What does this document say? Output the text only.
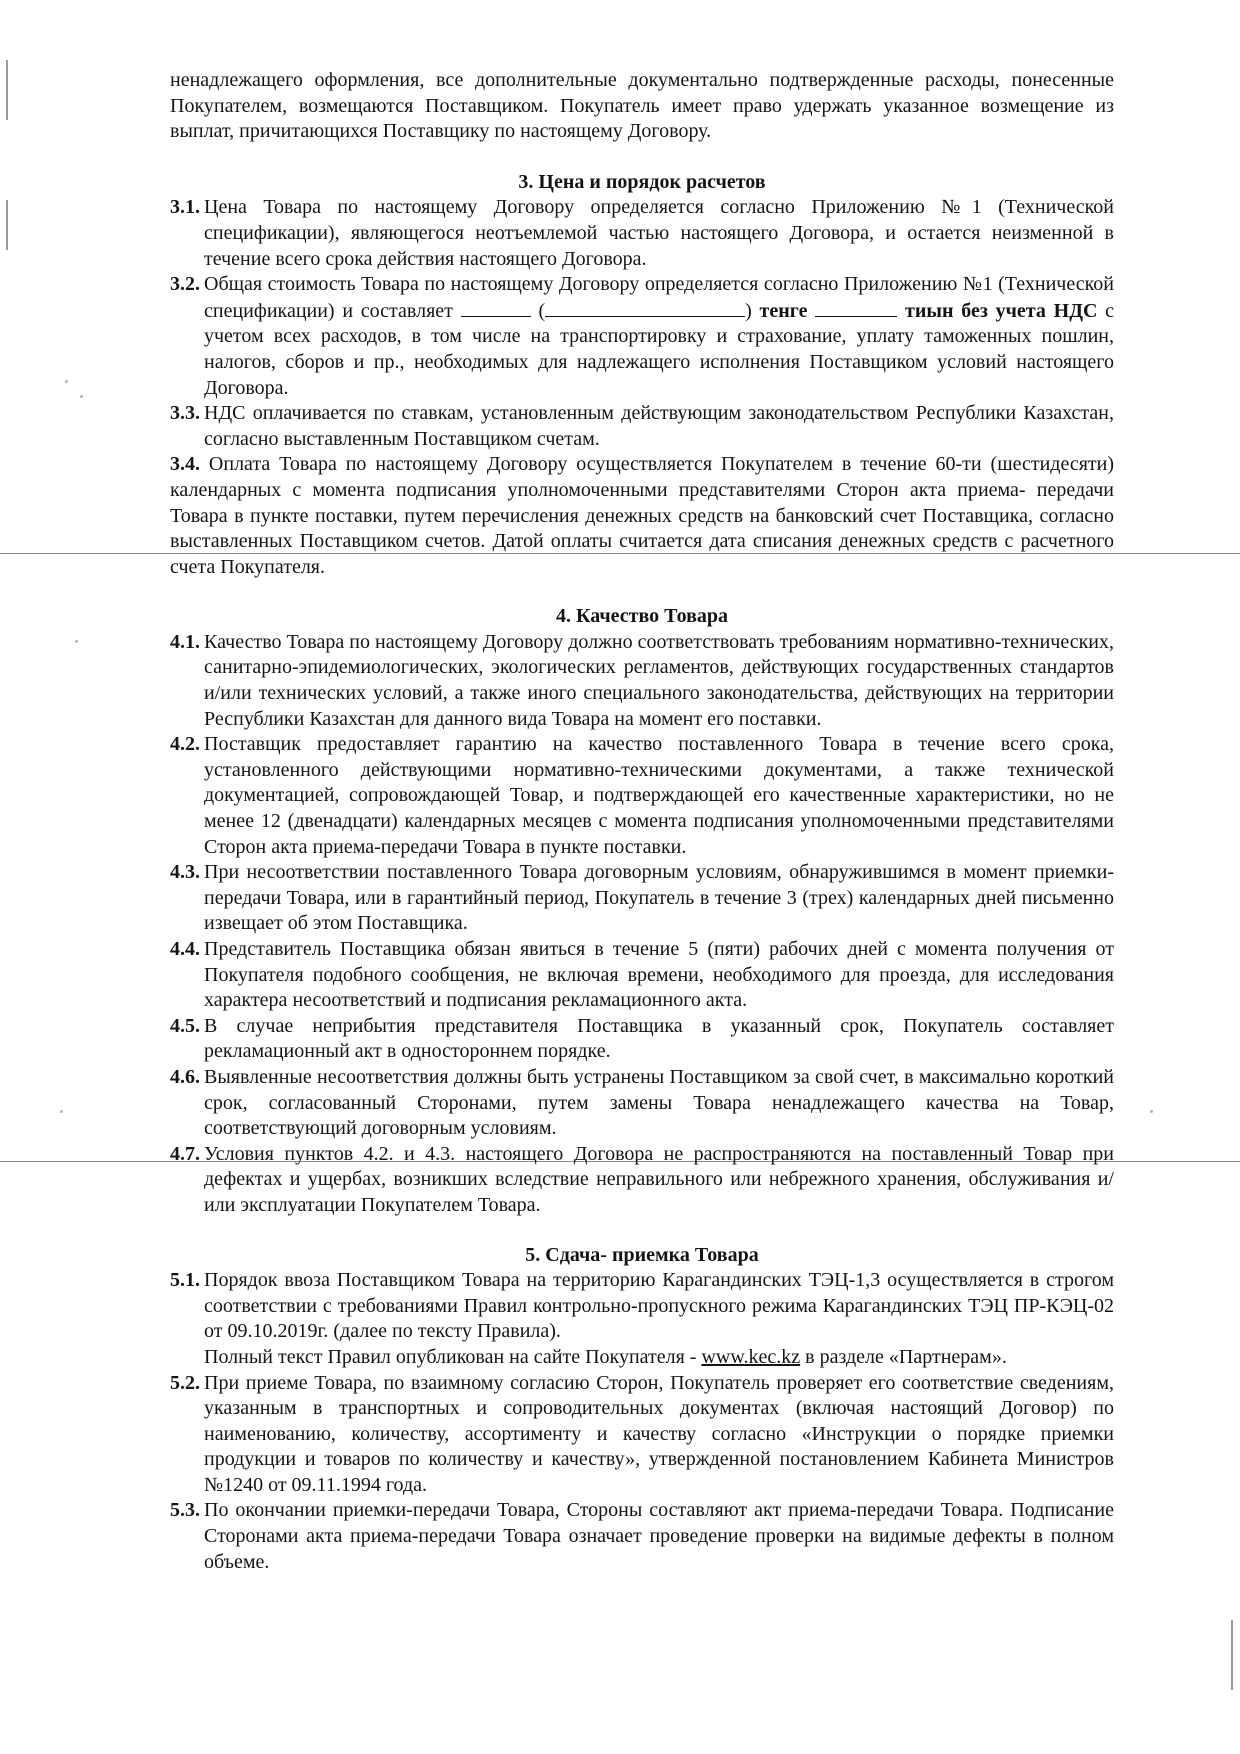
ненадлежащего оформления, все дополнительные документально подтвержденные расходы, понесенные Покупателем, возмещаются Поставщиком. Покупатель имеет право удержать указанное возмещение из выплат, причитающихся Поставщику по настоящему Договору.

3. Цена и порядок расчетов
3.1. Цена Товара по настоящему Договору определяется согласно Приложению №1 (Технической спецификации), являющегося неотъемлемой частью настоящего Договора, и остается неизменной в течение всего срока действия настоящего Договора.
3.2. Общая стоимость Товара по настоящему Договору определяется согласно Приложению №1 (Технической спецификации) и составляет	(	) тенге	тиын без учета НДС с учетом всех расходов, в том числе на транспортировку и страхование, уплату таможенных пошлин, налогов, сборов и пр., необходимых для надлежащего исполнения Поставщиком условий настоящего Договора.
3.3. НДС оплачивается по ставкам, установленным действующим законодательством Республики Казахстан, согласно выставленным Поставщиком счетам.

3.4. Оплата Товара по настоящему Договору осуществляется Покупателем в течение 60-ти (шестидесяти) календарных с момента подписания уполномоченными представителями Сторон акта приема- передачи Товара в пункте поставки, путем перечисления денежных средств на банковский счет Поставщика, согласно выставленных Поставщиком счетов. Датой оплаты считается дата списания денежных средств с расчетного счета Покупателя.

4. Качество Товара
4.1. Качество Товара по настоящему Договору должно соответствовать требованиям нормативно-технических, санитарно-эпидемиологических, экологических регламентов, действующих государственных стандартов и/или технических условий, а также иного специального законодательства, действующих на территории Республики Казахстан для данного вида Товара на момент его поставки.
4.2. Поставщик предоставляет гарантию на качество поставленного Товара в течение всего срока, установленного действующими нормативно-техническими документами, а также технической документацией, сопровождающей Товар, и подтверждающей его качественные характеристики, но не менее 12 (двенадцати) календарных месяцев с момента подписания уполномоченными представителями Сторон акта приема-передачи Товара в пункте поставки.
4.3. При несоответствии поставленного Товара договорным условиям, обнаружившимся в момент приемки-передачи Товара, или в гарантийный период, Покупатель в течение 3 (трех) календарных дней письменно извещает об этом Поставщика.
4.4. Представитель Поставщика обязан явиться в течение 5 (пяти) рабочих дней с момента получения от Покупателя подобного сообщения, не включая времени, необходимого для проезда, для исследования характера несоответствий и подписания рекламационного акта.
4.5. В случае неприбытия представителя Поставщика в указанный срок, Покупатель составляет рекламационный акт в одностороннем порядке.
4.6. Выявленные несоответствия должны быть устранены Поставщиком за свой счет, в максимально короткий срок, согласованный Сторонами, путем замены Товара ненадлежащего качества на Товар, соответствующий договорным условиям.
4.7. Условия пунктов 4.2. и 4.3. настоящего Договора не распространяются на поставленный Товар при дефектах и ущербах, возникших вследствие неправильного или небрежного хранения, обслуживания и/или эксплуатации Покупателем Товара.
5. Сдача- приемка Товара
5.1. Порядок ввоза Поставщиком Товара на территорию Карагандинских ТЭЦ-1,3 осуществляется в строгом соответствии с требованиями Правил контрольно-пропускного режима Карагандинских ТЭЦ ПР-КЭЦ-02 от 09.10.2019г. (далее по тексту Правила).
Полный текст Правил опубликован на сайте Покупателя - www.kec.kz в разделе «Партнерам».
5.2. При приеме Товара, по взаимному согласию Сторон, Покупатель проверяет его соответствие сведениям, указанным в транспортных и сопроводительных документах (включая настоящий Договор) по наименованию, количеству, ассортименту и качеству согласно «Инструкции о порядке приемки продукции и товаров по количеству и качеству», утвержденной постановлением Кабинета Министров №1240 от 09.11.1994 года.
5.3. По окончании приемки-передачи Товара, Стороны составляют акт приема-передачи Товара. Подписание Сторонами акта приема-передачи Товара означает проведение проверки на видимые дефекты в полном объеме.
